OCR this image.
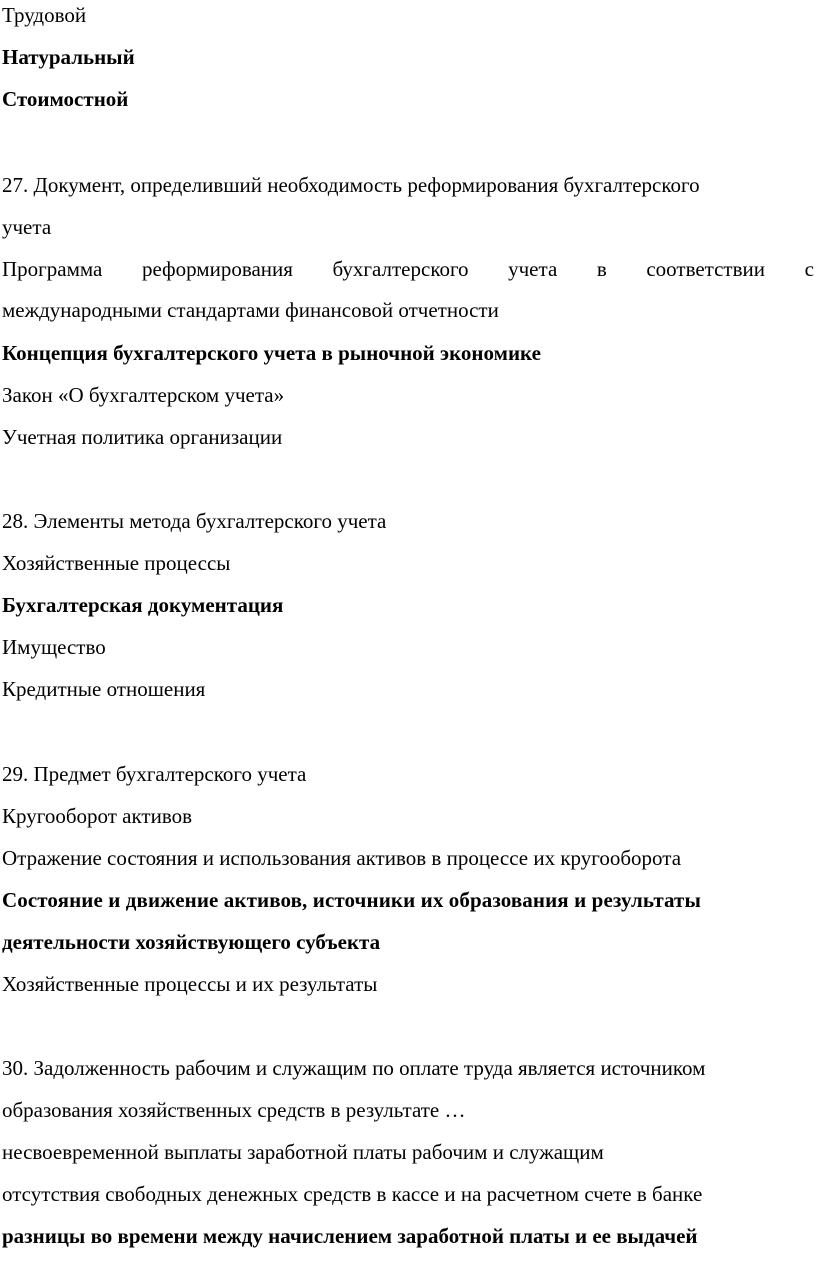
Трудовой
Натуральный
Стоимостной
27. Документ, определивший необходимость реформирования бухгалтерского
учета
Программа реформирования бухгалтерского учета в соответствии с
международными стандартами финансовой отчетности
Концепция бухгалтерского учета в рыночной экономике
Закон «О бухгалтерском учета»
Учетная политика организации
28. Элементы метода бухгалтерского учета
Хозяйственные процессы
Бухгалтерская документация
Имущество
Кредитные отношения
29. Предмет бухгалтерского учета
Кругооборот активов
Отражение состояния и использования активов в процессе их кругооборота
Состояние и движение активов, источники их образования и результаты
деятельности хозяйствующего субъекта
Хозяйственные процессы и их результаты
30. Задолженность рабочим и служащим по оплате труда является источником
образования хозяйственных средств в результате …
несвоевременной выплаты заработной платы рабочим и служащим
отсутствия свободных денежных средств в кассе и на расчетном счете в банке
разницы во времени между начислением заработной платы и ее выдачей
